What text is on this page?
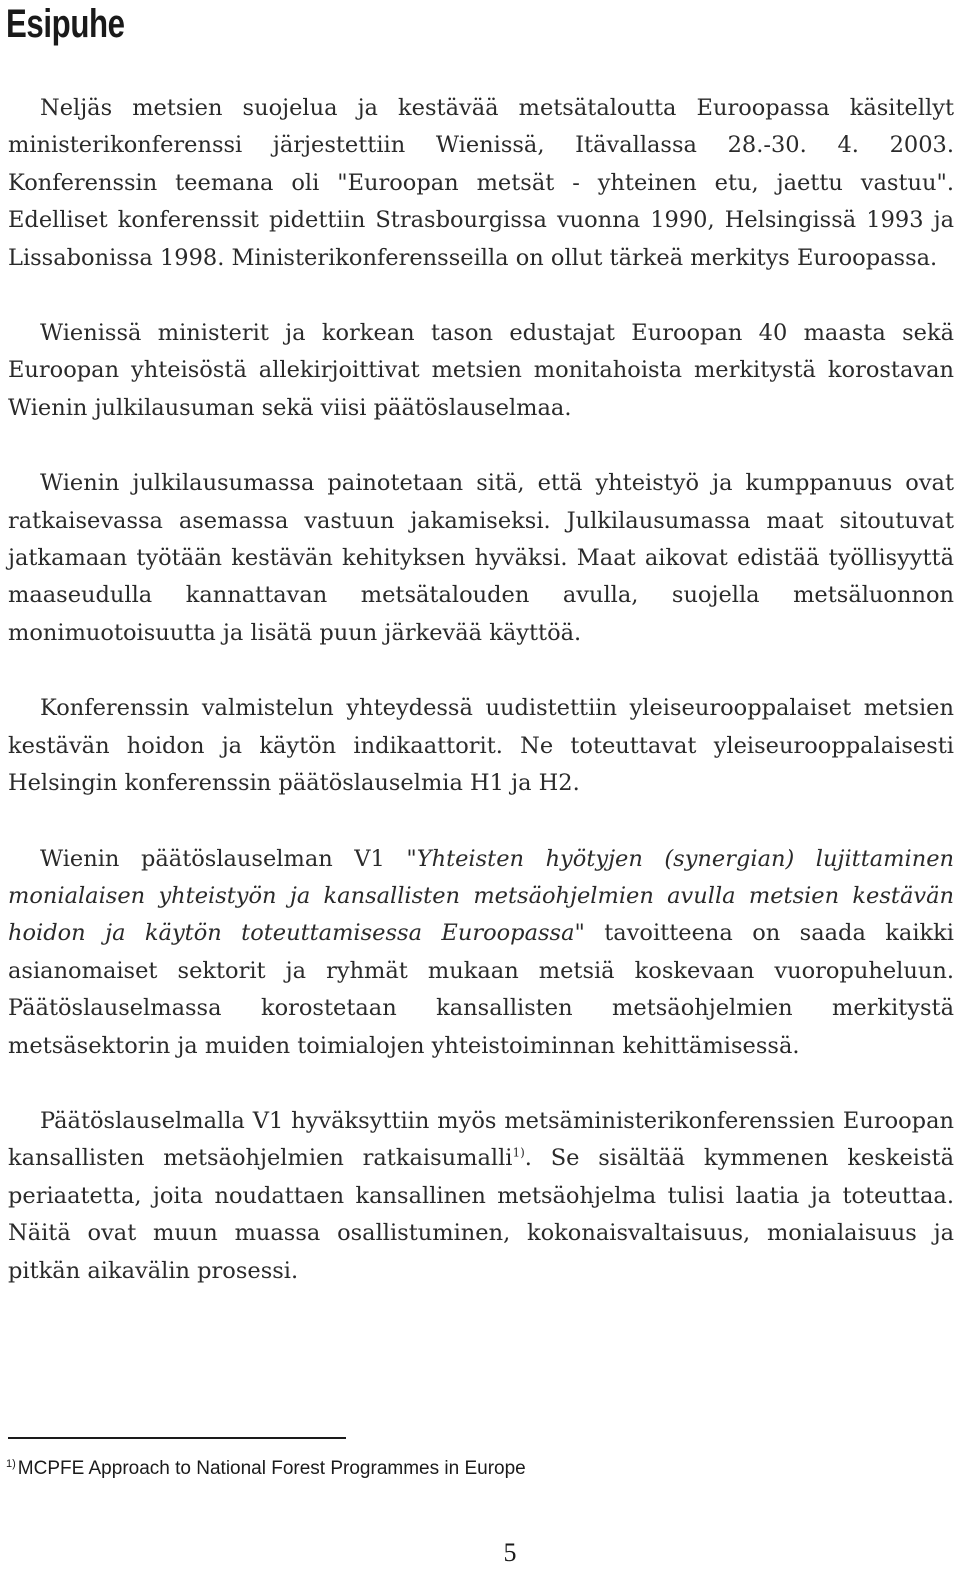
Esipuhe

Neljäs metsien suojelua ja kestävää metsätaloutta Euroopassa käsitellyt ministerikonferenssi järjestettiin Wienissä, Itävallassa 28.-30. 4. 2003. Konferenssin teemana oli "Euroopan metsät - yhteinen etu, jaettu vastuu". Edelliset konferenssit pidettiin Strasbourgissa vuonna 1990, Helsingissä 1993 ja Lissabonissa 1998. Ministerikonferensseilla on ollut tärkeä merkitys Euroopassa.

Wienissä ministerit ja korkean tason edustajat Euroopan 40 maasta sekä Euroopan yhteisöstä allekirjoittivat metsien monitahoista merkitystä korostavan Wienin julkilausuman sekä viisi päätöslauselmaa.

Wienin julkilausumassa painotetaan sitä, että yhteistyö ja kumppanuus ovat ratkaisevassa asemassa vastuun jakamiseksi. Julkilausumassa maat sitoutuvat jatkamaan työtään kestävän kehityksen hyväksi. Maat aikovat edistää työllisyyttä maaseudulla kannattavan metsätalouden avulla, suojella metsäluonnon monimuotoisuutta ja lisätä puun järkevää käyttöä.

Konferenssin valmistelun yhteydessä uudistettiin yleiseurooppalaiset metsien kestävän hoidon ja käytön indikaattorit. Ne toteuttavat yleiseurooppalaisesti Helsingin konferenssin päätöslauselmia H1 ja H2.

Wienin päätöslauselman V1 "Yhteisten hyötyjen (synergian) lujittaminen monialaisen yhteistyön ja kansallisten metsäohjelmien avulla metsien kestävän hoidon ja käytön toteuttamisessa Euroopassa" tavoitteena on saada kaikki asianomaiset sektorit ja ryhmät mukaan metsiä koskevaan vuoropuheluun. Päätöslauselmassa korostetaan kansallisten metsäohjelmien merkitystä metsäsektorin ja muiden toimialojen yhteistoiminnan kehittämisessä.

Päätöslauselmalla V1 hyväksyttiin myös metsäministerikonferenssien Euroopan kansallisten metsäohjelmien ratkaisumalli$^{1)}$. Se sisältää kymmenen keskeistä periaatetta, joita noudattaen kansallinen metsäohjelma tulisi laatia ja toteuttaa. Näitä ovat muun muassa osallistuminen, kokonaisvaltaisuus, monialaisuus ja pitkän aikavälin prosessi.

$^{1)}$ MCPFE Approach to National Forest Programmes in Europe
5
